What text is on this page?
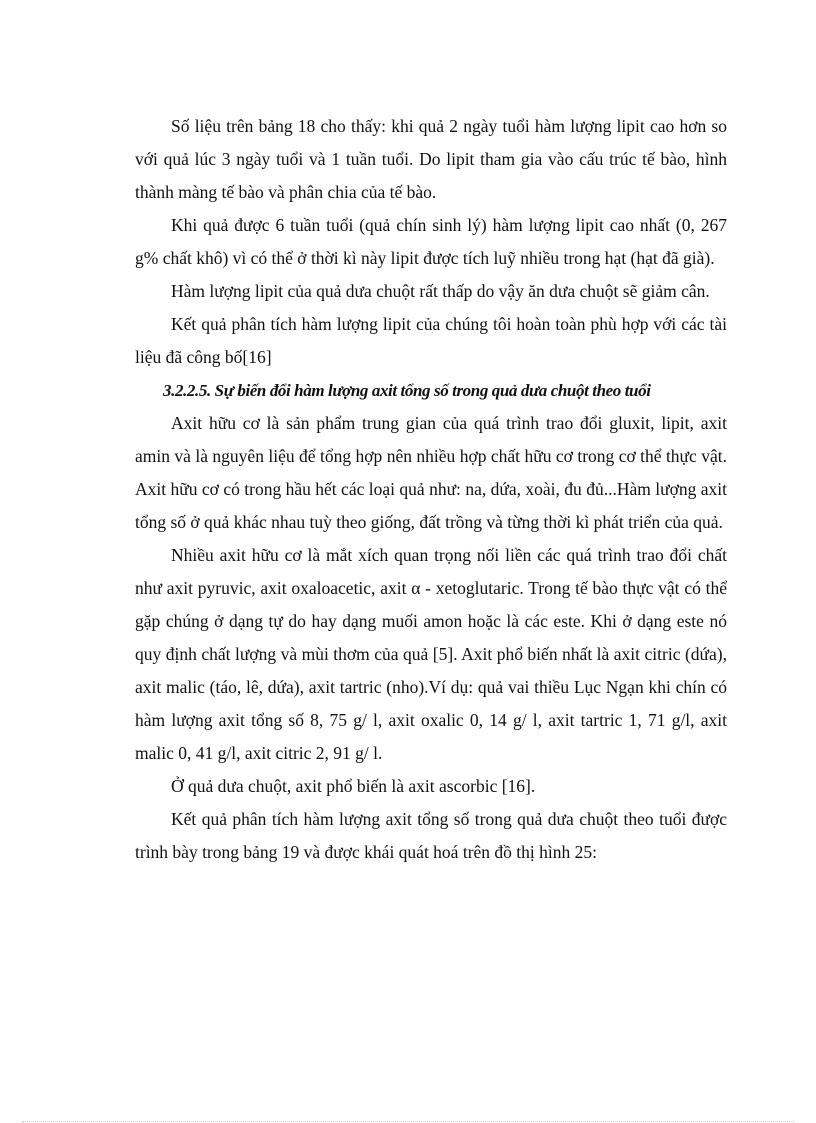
Số liệu trên bảng 18 cho thấy: khi quả 2 ngày tuổi hàm lượng lipit cao hơn so với quả lúc 3 ngày tuổi và 1 tuần tuổi. Do lipit tham gia vào cấu trúc tế bào, hình thành màng tế bào và phân chia của tế bào.

Khi quả được 6 tuần tuổi (quả chín sinh lý) hàm lượng lipit cao nhất (0, 267 g% chất khô) vì có thể ở thời kì này lipit được tích luỹ nhiều trong hạt (hạt đã già).

Hàm lượng lipit của quả dưa chuột rất thấp do vậy ăn dưa chuột sẽ giảm cân.

Kết quả phân tích hàm lượng lipit của chúng tôi hoàn toàn phù hợp với các tài liệu đã công bố[16]

3.2.2.5. Sự biến đổi hàm lượng axit tổng số trong quả dưa chuột theo tuổi

Axit hữu cơ là sản phẩm trung gian của quá trình trao đổi gluxit, lipit, axit amin và là nguyên liệu để tổng hợp nên nhiều hợp chất hữu cơ trong cơ thể thực vật. Axit hữu cơ có trong hầu hết các loại quả như: na, dứa, xoài, đu đủ...Hàm lượng axit tổng số ở quả khác nhau tuỳ theo giống, đất trồng và từng thời kì phát triển của quả.

Nhiều axit hữu cơ là mắt xích quan trọng nối liền các quá trình trao đổi chất như axit pyruvic, axit oxaloacetic, axit α - xetoglutaric. Trong tế bào thực vật có thể gặp chúng ở dạng tự do hay dạng muối amon hoặc là các este. Khi ở dạng este nó quy định chất lượng và mùi thơm của quả [5]. Axit phổ biến nhất là axit citric (dứa), axit malic (táo, lê, dứa), axit tartric (nho).Ví dụ: quả vai thiều Lục Ngạn khi chín có hàm lượng axit tổng số 8, 75 g/ l, axit oxalic 0, 14 g/ l, axit tartric 1, 71 g/l, axit malic 0, 41 g/l, axit citric 2, 91 g/ l.

Ở quả dưa chuột, axit phổ biến là axit ascorbic [16].

Kết quả phân tích hàm lượng axit tổng số trong quả dưa chuột theo tuổi được trình bày trong bảng 19 và được khái quát hoá trên đồ thị hình 25:
